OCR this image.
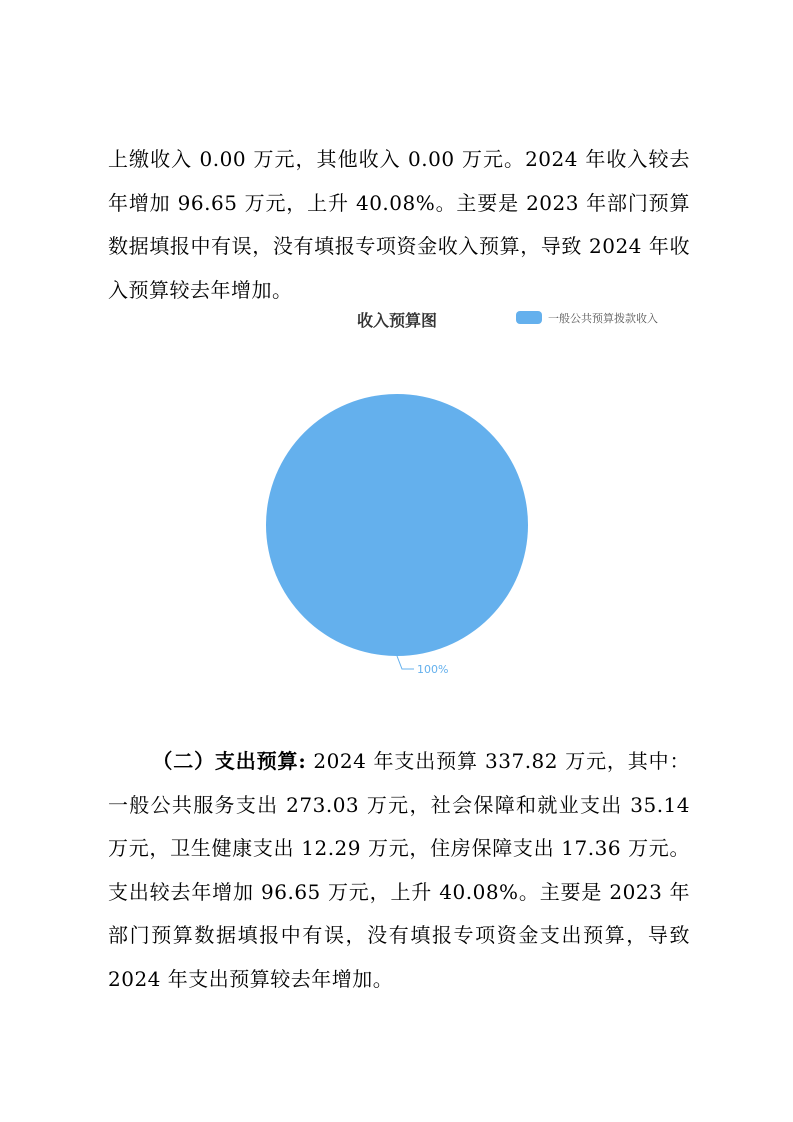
上缴收入 0.00 万元，其他收入 0.00 万元。2024 年收入较去年增加 96.65 万元，上升 40.08%。主要是 2023 年部门预算数据填报中有误，没有填报专项资金收入预算，导致 2024 年收入预算较去年增加。

收入预算图	一般公共预算拨款收入
100%

（二）支出预算: 2024 年支出预算 337.82 万元，其中：一般公共服务支出 273.03 万元，社会保障和就业支出 35.14 万元，卫生健康支出 12.29 万元，住房保障支出 17.36 万元。支出较去年增加 96.65 万元，上升 40.08%。主要是 2023 年部门预算数据填报中有误，没有填报专项资金支出预算，导致 2024 年支出预算较去年增加。
